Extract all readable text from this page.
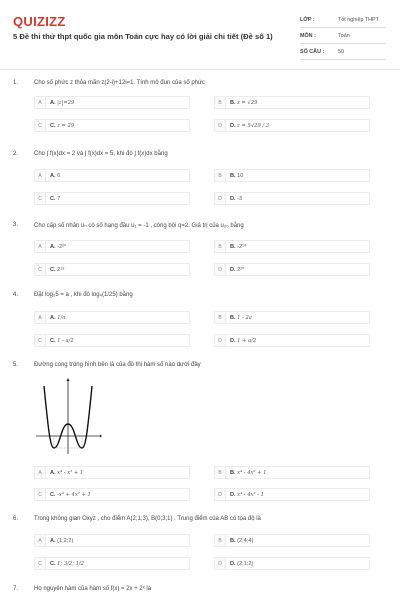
QUIZIZZ
5 Đề thi thử thpt quốc gia môn Toán cực hay có lời giải chi tiết (Đề số 1)
LỚP :	Tốt nghiệp THPT
MÔN :	Toán
SỐ CÂU :	50
1.	Cho số phức z thỏa mãn z(2-i)+12i=1. Tính mô đun của số phức
A	A. |z|=29	B	B. z = √29
C	C. z = 29	D	D. z = 5√29 / 3
2.	Cho ∫ f(x)dx = 2 và ∫ f(x)dx = 5, khi đó ∫ f(x)dx bằng
A	A. 6	B	B. 10
C	C. 7	D	D. -3
3.	Cho cấp số nhân uₙ có số hạng đầu u₁ = -1 , công bội q=2. Giá trị của u₂₀ bằng
A	A. -2²⁰	B	B. -2¹⁹
C	C. 2¹⁹	D	D. 2²⁰
4.	Đặt log₂5 = a , khi đó log₄(1/25) bằng
A	A. 1/a	B	B. 1 - 2a
C	C. 1 - a/2	D	D. 1 + a/2
5.	Đường cong trong hình bên là của đồ thị hàm số nào dưới đây
A	A. x⁴ - x² + 1	B	B. x⁴ - 4x² + 1
C	C. -x⁴ + 4x² + 1	D	D. x⁴ - 4x² - 1
6.	Trong không gian Oxyz , cho điểm A(2;1;3), B(0;3;1) . Trung điểm của AB có tọa độ là
A	A. (1;2;2)	B	B. (2;4;4)
C	C. 1; 3/2; 1/2	D	D. (2;1;2)
7.	Họ nguyên hàm của hàm số f(x) = 2x + 2ˣ là
